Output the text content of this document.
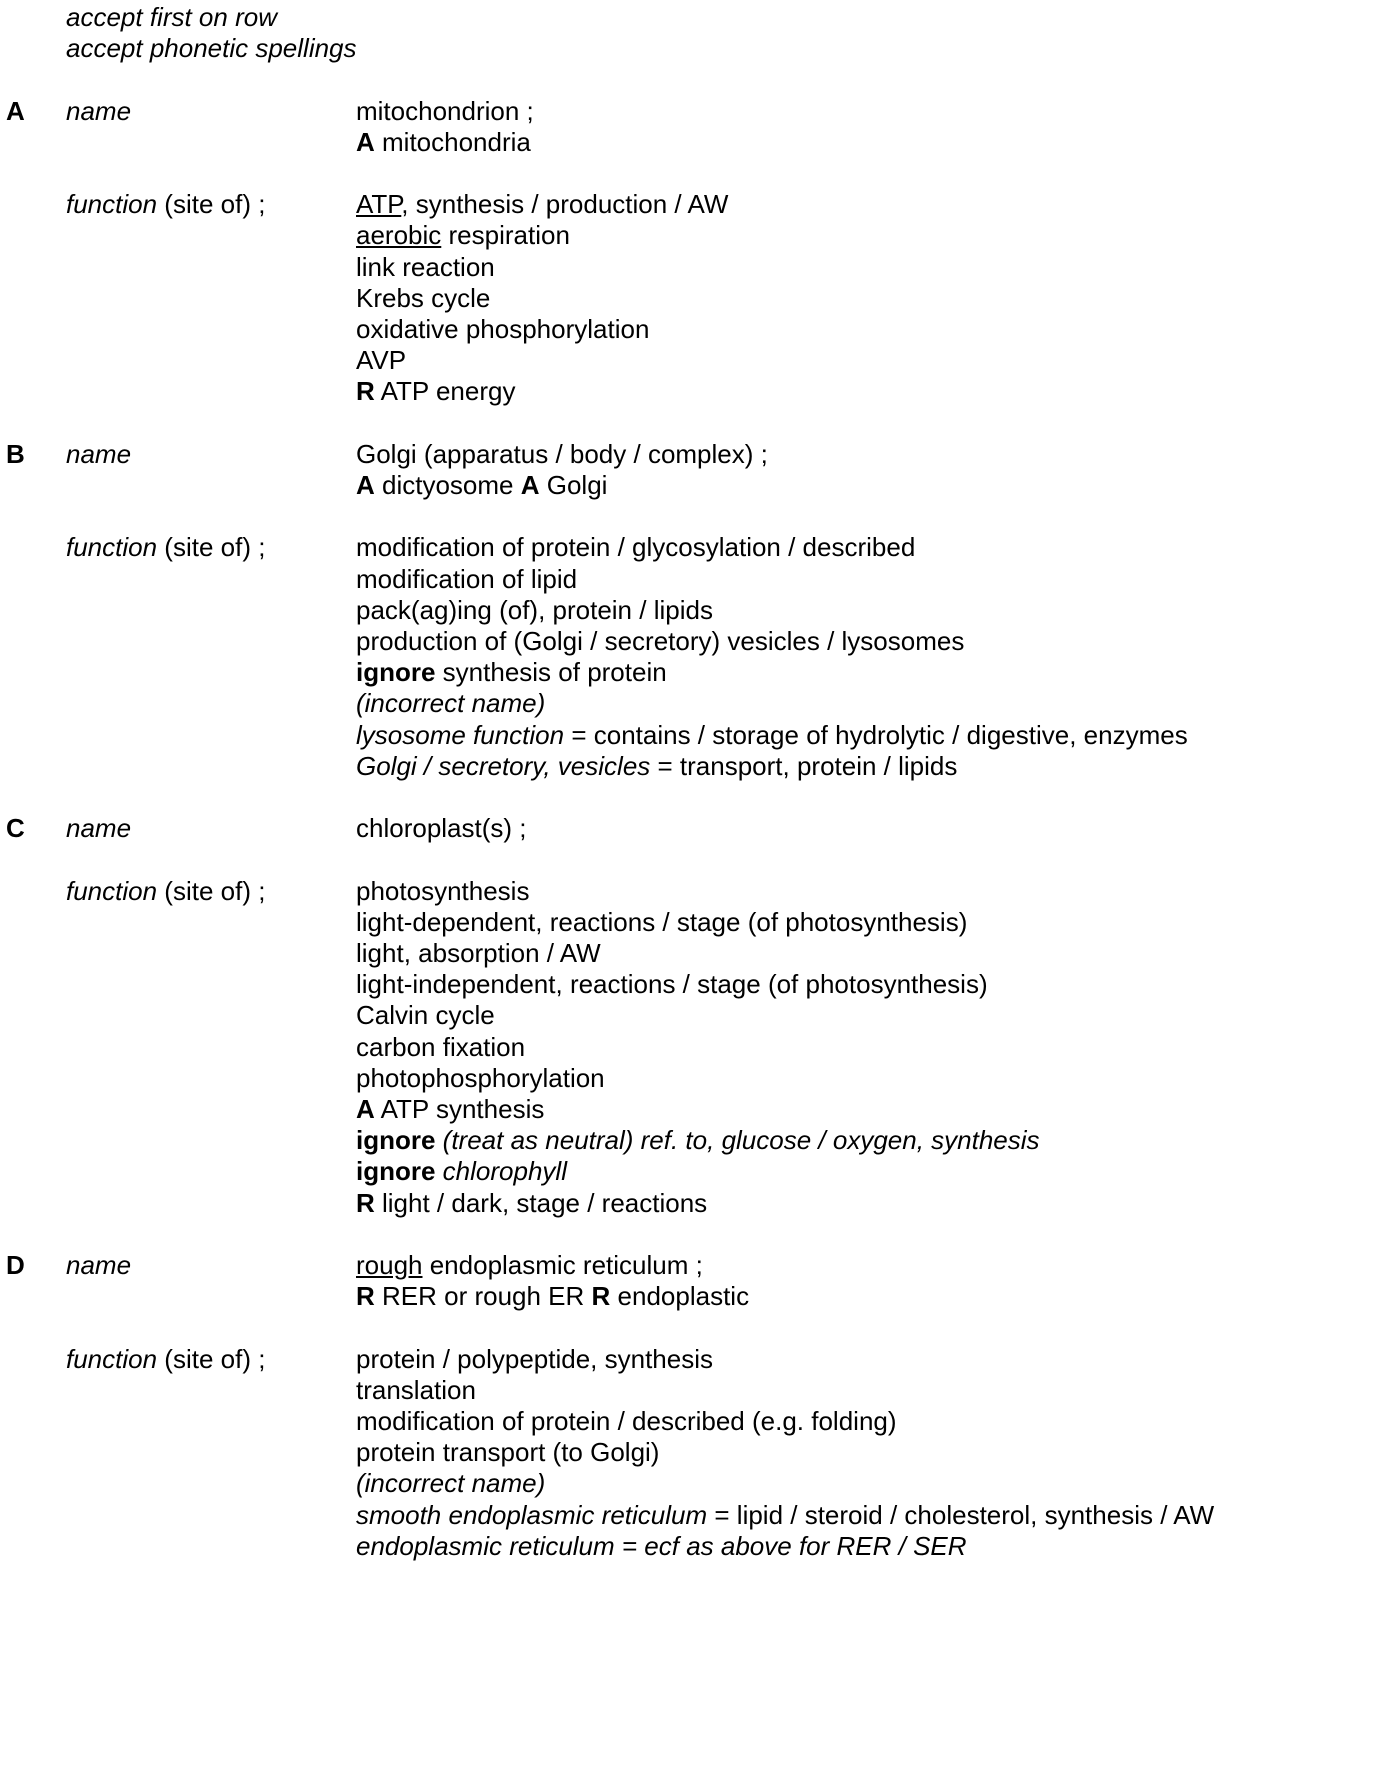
accept first on row
accept phonetic spellings
A name	mitochondrion ;
A mitochondria
function (site of) ;	ATP, synthesis / production / AW
aerobic respiration
link reaction
Krebs cycle
oxidative phosphorylation
AVP
R ATP energy
B name	Golgi (apparatus / body / complex) ;
A dictyosome A Golgi
function (site of) ;	modification of protein / glycosylation / described
modification of lipid
pack(ag)ing (of), protein / lipids
production of (Golgi / secretory) vesicles / lysosomes
ignore synthesis of protein
(incorrect name)
lysosome function = contains / storage of hydrolytic / digestive, enzymes
Golgi / secretory, vesicles = transport, protein / lipids
C name	chloroplast(s) ;
function (site of) ;	photosynthesis
light-dependent, reactions / stage (of photosynthesis)
light, absorption / AW
light-independent, reactions / stage (of photosynthesis)
Calvin cycle
carbon fixation
photophosphorylation
A ATP synthesis
ignore (treat as neutral) ref. to, glucose / oxygen, synthesis
ignore chlorophyll
R light / dark, stage / reactions
D name	rough endoplasmic reticulum ;
R RER or rough ER R endoplastic
function (site of) ;	protein / polypeptide, synthesis
translation
modification of protein / described (e.g. folding)
protein transport (to Golgi)
(incorrect name)
smooth endoplasmic reticulum = lipid / steroid / cholesterol, synthesis / AW
endoplasmic reticulum = ecf as above for RER / SER
